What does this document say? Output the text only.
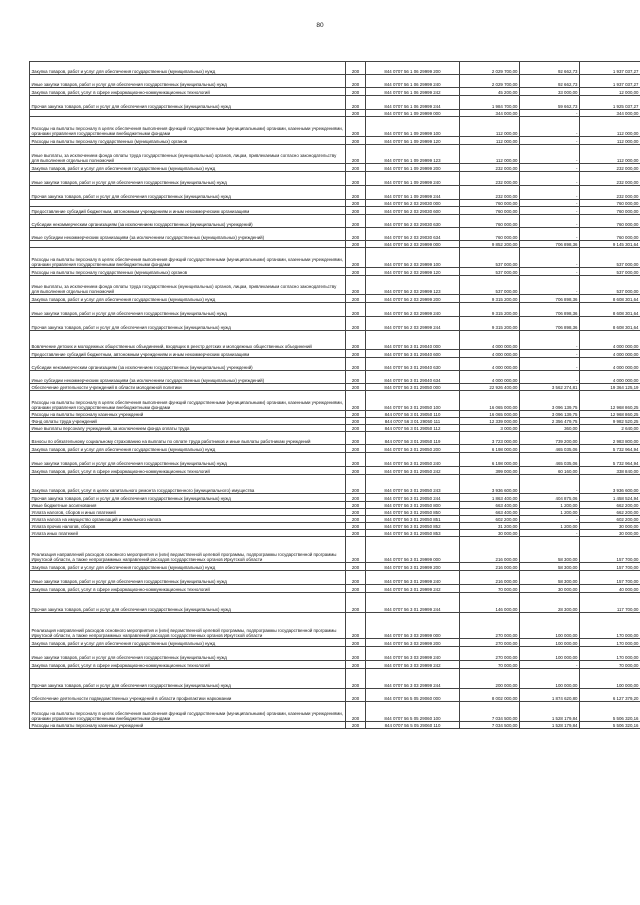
80
Закупка товаров, работ и услуг для обеспечения государственных (муниципальных) нужд	200	844 0707 56 1 06 29999 200	2 029 700,00	92 662,73	1 937 037,27
Иные закупки товаров, работ и услуг для обеспечения государственных (муниципальных) нужд	200	844 0707 56 1 06 29999 240	2 029 700,00	92 662,73	1 937 037,27
Закупка товаров, работ, услуг в сфере информационно-коммуникационных технологий	200	844 0707 56 1 06 29999 242	45 200,00	33 000,00	12 000,00
Прочая закупка товаров, работ и услуг для обеспечения государственных (муниципальных) нужд	200	844 0707 56 1 06 29999 244	1 984 700,00	59 662,73	1 925 037,27
	200	844 0707 56 1 09 29999 000	344 000,00	-	344 000,00
Расходы на выплаты персоналу в целях обеспечения выполнения функций государственными (муниципальными) органами, казенными учреждениями, органами управления государственными внебюджетными фондами	200	844 0707 56 1 09 29999 100	112 000,00	-	112 000,00
Расходы на выплаты персоналу государственных (муниципальных) органов	200	844 0707 56 1 09 29999 120	112 000,00	-	112 000,00
Иные выплаты, за исключением фонда оплаты труда государственных (муниципальных) органов, лицам, привлекаемым согласно законодательству для выполнения отдельных полномочий	200	844 0707 56 1 09 29999 123	112 000,00	-	112 000,00
Закупка товаров, работ и услуг для обеспечения государственных (муниципальных) нужд	200	844 0707 56 1 09 29999 200	232 000,00	-	232 000,00
Иные закупки товаров, работ и услуг для обеспечения государственных (муниципальных) нужд	200	844 0707 56 1 09 29999 240	232 000,00	-	232 000,00
Прочая закупка товаров, работ и услуг для обеспечения государственных (муниципальных) нужд	200	844 0707 56 1 09 29999 244	232 000,00	-	232 000,00
	200	844 0707 56 2 03 29030 000	760 000,00	-	760 000,00
Предоставление субсидий бюджетным, автономным учреждениям и иным некоммерческим организациям	200	844 0707 56 2 03 29030 600	760 000,00	-	760 000,00
Субсидии некоммерческим организациям (за исключением государственных (муниципальных) учреждений)	200	844 0707 56 2 03 29030 630	760 000,00	-	760 000,00
Иные субсидии некоммерческим организациям (за исключением государственных (муниципальных) учреждений)	200	844 0707 56 2 03 29030 634	760 000,00	-	760 000,00
	200	844 0707 56 2 03 29999 000	9 852 200,00	706 898,36	9 145 301,64
Расходы на выплаты персоналу в целях обеспечения выполнения функций государственными (муниципальными) органами, казенными учреждениями, органами управления государственными внебюджетными фондами	200	844 0707 56 2 03 29999 100	537 000,00	-	537 000,00
Расходы на выплаты персоналу государственных (муниципальных) органов	200	844 0707 56 2 03 29999 120	537 000,00	-	537 000,00
Иные выплаты, за исключением фонда оплаты труда государственных (муниципальных) органов, лицам, привлекаемым согласно законодательству для выполнения отдельных полномочий	200	844 0707 56 2 03 29999 123	537 000,00	-	537 000,00
Закупка товаров, работ и услуг для обеспечения государственных (муниципальных) нужд	200	844 0707 56 2 03 29999 200	9 315 200,00	706 898,36	8 608 301,64
Иные закупки товаров, работ и услуг для обеспечения государственных (муниципальных) нужд	200	844 0707 56 2 03 29999 240	9 315 200,00	706 898,36	8 608 301,64
Прочая закупка товаров, работ и услуг для обеспечения государственных (муниципальных) нужд	200	844 0707 56 2 03 29999 244	9 315 200,00	706 898,36	8 608 301,64
Вовлечение детских и молодежных общественных объединений, входящих в реестр детских и молодежных общественных объединений	200	844 0707 56 3 01 29040 000	4 000 000,00	-	4 000 000,00
Предоставление субсидий бюджетным, автономным учреждениям и иным некоммерческим организациям	200	844 0707 56 3 01 29040 600	4 000 000,00	-	4 000 000,00
Субсидии некоммерческим организациям (за исключением государственных (муниципальных) учреждений)	200	844 0707 56 3 01 29040 630	4 000 000,00	-	4 000 000,00
Иные субсидии некоммерческим организациям (за исключением государственных (муниципальных) учреждений)	200	844 0707 56 3 01 29040 634	4 000 000,00	-	4 000 000,00
Обеспечение деятельности учреждений в области молодежной политики	200	844 0707 56 3 01 29050 000	22 926 400,00	3 562 274,81	19 364 125,19
Расходы на выплаты персоналу в целях обеспечения выполнения функций государственными (муниципальными) органами, казенными учреждениями, органами управления государственными внебюджетными фондами	200	844 0707 56 3 01 29050 100	16 065 000,00	3 096 139,75	12 968 860,25
Расходы на выплаты персоналу казенных учреждений	200	844 0707 56 3 01 29050 110	16 065 000,00	3 096 139,75	12 968 860,25
Фонд оплаты труда учреждений	200	844 0707 56 3 01 29050 111	12 339 000,00	2 356 479,75	9 982 520,25
Иные выплаты персоналу учреждений, за исключением фонда оплаты труда	200	844 0707 56 3 01 29050 112	3 000,00	360,00	2 640,00
Взносы по обязательному социальному страхованию на выплаты по оплате труда работников и иные выплаты работникам учреждений	200	844 0707 56 3 01 29050 119	3 723 000,00	739 200,00	2 983 800,00
Закупка товаров, работ и услуг для обеспечения государственных (муниципальных) нужд	200	844 0707 56 3 01 29050 200	6 198 000,00	465 035,06	5 732 964,94
Иные закупки товаров, работ и услуг для обеспечения государственных (муниципальных) нужд	200	844 0707 56 3 01 29050 240	6 198 000,00	465 035,06	5 732 964,94
Закупка товаров, работ, услуг в сфере информационно-коммуникационных технологий	200	844 0707 56 3 01 29050 242	399 000,00	60 160,00	338 840,00
Закупка товаров, работ, услуг в целях капитального ремонта государственного (муниципального) имущества	200	844 0707 56 3 01 29050 243	3 936 600,00	-	3 936 600,00
Прочая закупка товаров, работ и услуг для обеспечения государственных (муниципальных) нужд	200	844 0707 56 3 01 29050 244	1 863 400,00	404 875,06	1 458 524,94
Иные бюджетные ассигнования	200	844 0707 56 3 01 29050 800	663 400,00	1 200,00	662 200,00
Уплата налогов, сборов и иных платежей	200	844 0707 56 3 01 29050 850	663 400,00	1 200,00	662 200,00
Уплата налога на имущество организаций и земельного налога	200	844 0707 56 3 01 29050 851	602 200,00	-	602 200,00
Уплата прочих налогов, сборов	200	844 0707 56 3 01 29050 852	31 200,00	1 200,00	30 000,00
Уплата иных платежей	200	844 0707 56 3 01 29050 853	30 000,00	-	30 000,00
Реализация направлений расходов основного мероприятия и (или) ведомственной целевой программы, подпрограммы государственной программы Иркутской области, а также непрограммных направлений расходов государственных органов Иркутской области	200	844 0707 56 3 01 29999 000	216 000,00	58 300,00	157 700,00
Закупка товаров, работ и услуг для обеспечения государственных (муниципальных) нужд	200	844 0707 56 3 01 29999 200	216 000,00	58 300,00	157 700,00
Иные закупки товаров, работ и услуг для обеспечения государственных (муниципальных) нужд	200	844 0707 56 3 01 29999 240	216 000,00	58 300,00	157 700,00
Закупка товаров, работ, услуг в сфере информационно-коммуникационных технологий	200	844 0707 56 3 01 29999 242	70 000,00	30 000,00	40 000,00
Прочая закупка товаров, работ и услуг для обеспечения государственных (муниципальных) нужд	200	844 0707 56 3 01 29999 244	146 000,00	28 300,00	117 700,00
Реализация направлений расходов основного мероприятия и (или) ведомственной целевой программы, подпрограммы государственной программы Иркутской области, а также непрограммных направлений расходов государственных органов Иркутской области	200	844 0707 56 3 03 29999 000	270 000,00	100 000,00	170 000,00
Закупка товаров, работ и услуг для обеспечения государственных (муниципальных) нужд	200	844 0707 56 3 03 29999 200	270 000,00	100 000,00	170 000,00
Иные закупки товаров, работ и услуг для обеспечения государственных (муниципальных) нужд	200	844 0707 56 3 03 29999 240	270 000,00	100 000,00	170 000,00
Закупка товаров, работ, услуг в сфере информационно-коммуникационных технологий	200	844 0707 56 3 03 29999 242	70 000,00	-	70 000,00
Прочая закупка товаров, работ и услуг для обеспечения государственных (муниципальных) нужд	200	844 0707 56 3 03 29999 244	200 000,00	100 000,00	100 000,00
Обеспечение деятельности подведомственных учреждений в области профилактики наркомании	200	844 0707 56 5 05 29060 000	8 002 000,00	1 874 620,80	6 127 379,20
Расходы на выплаты персоналу в целях обеспечения выполнения функций государственными (муниципальными) органами, казенными учреждениями, органами управления государственными внебюджетными фондами	200	844 0707 56 5 05 29060 100	7 034 500,00	1 528 179,84	5 506 320,16
Расходы на выплаты персоналу казенных учреждений	200	844 0707 56 5 05 29060 110	7 034 500,00	1 528 179,84	5 506 320,16
